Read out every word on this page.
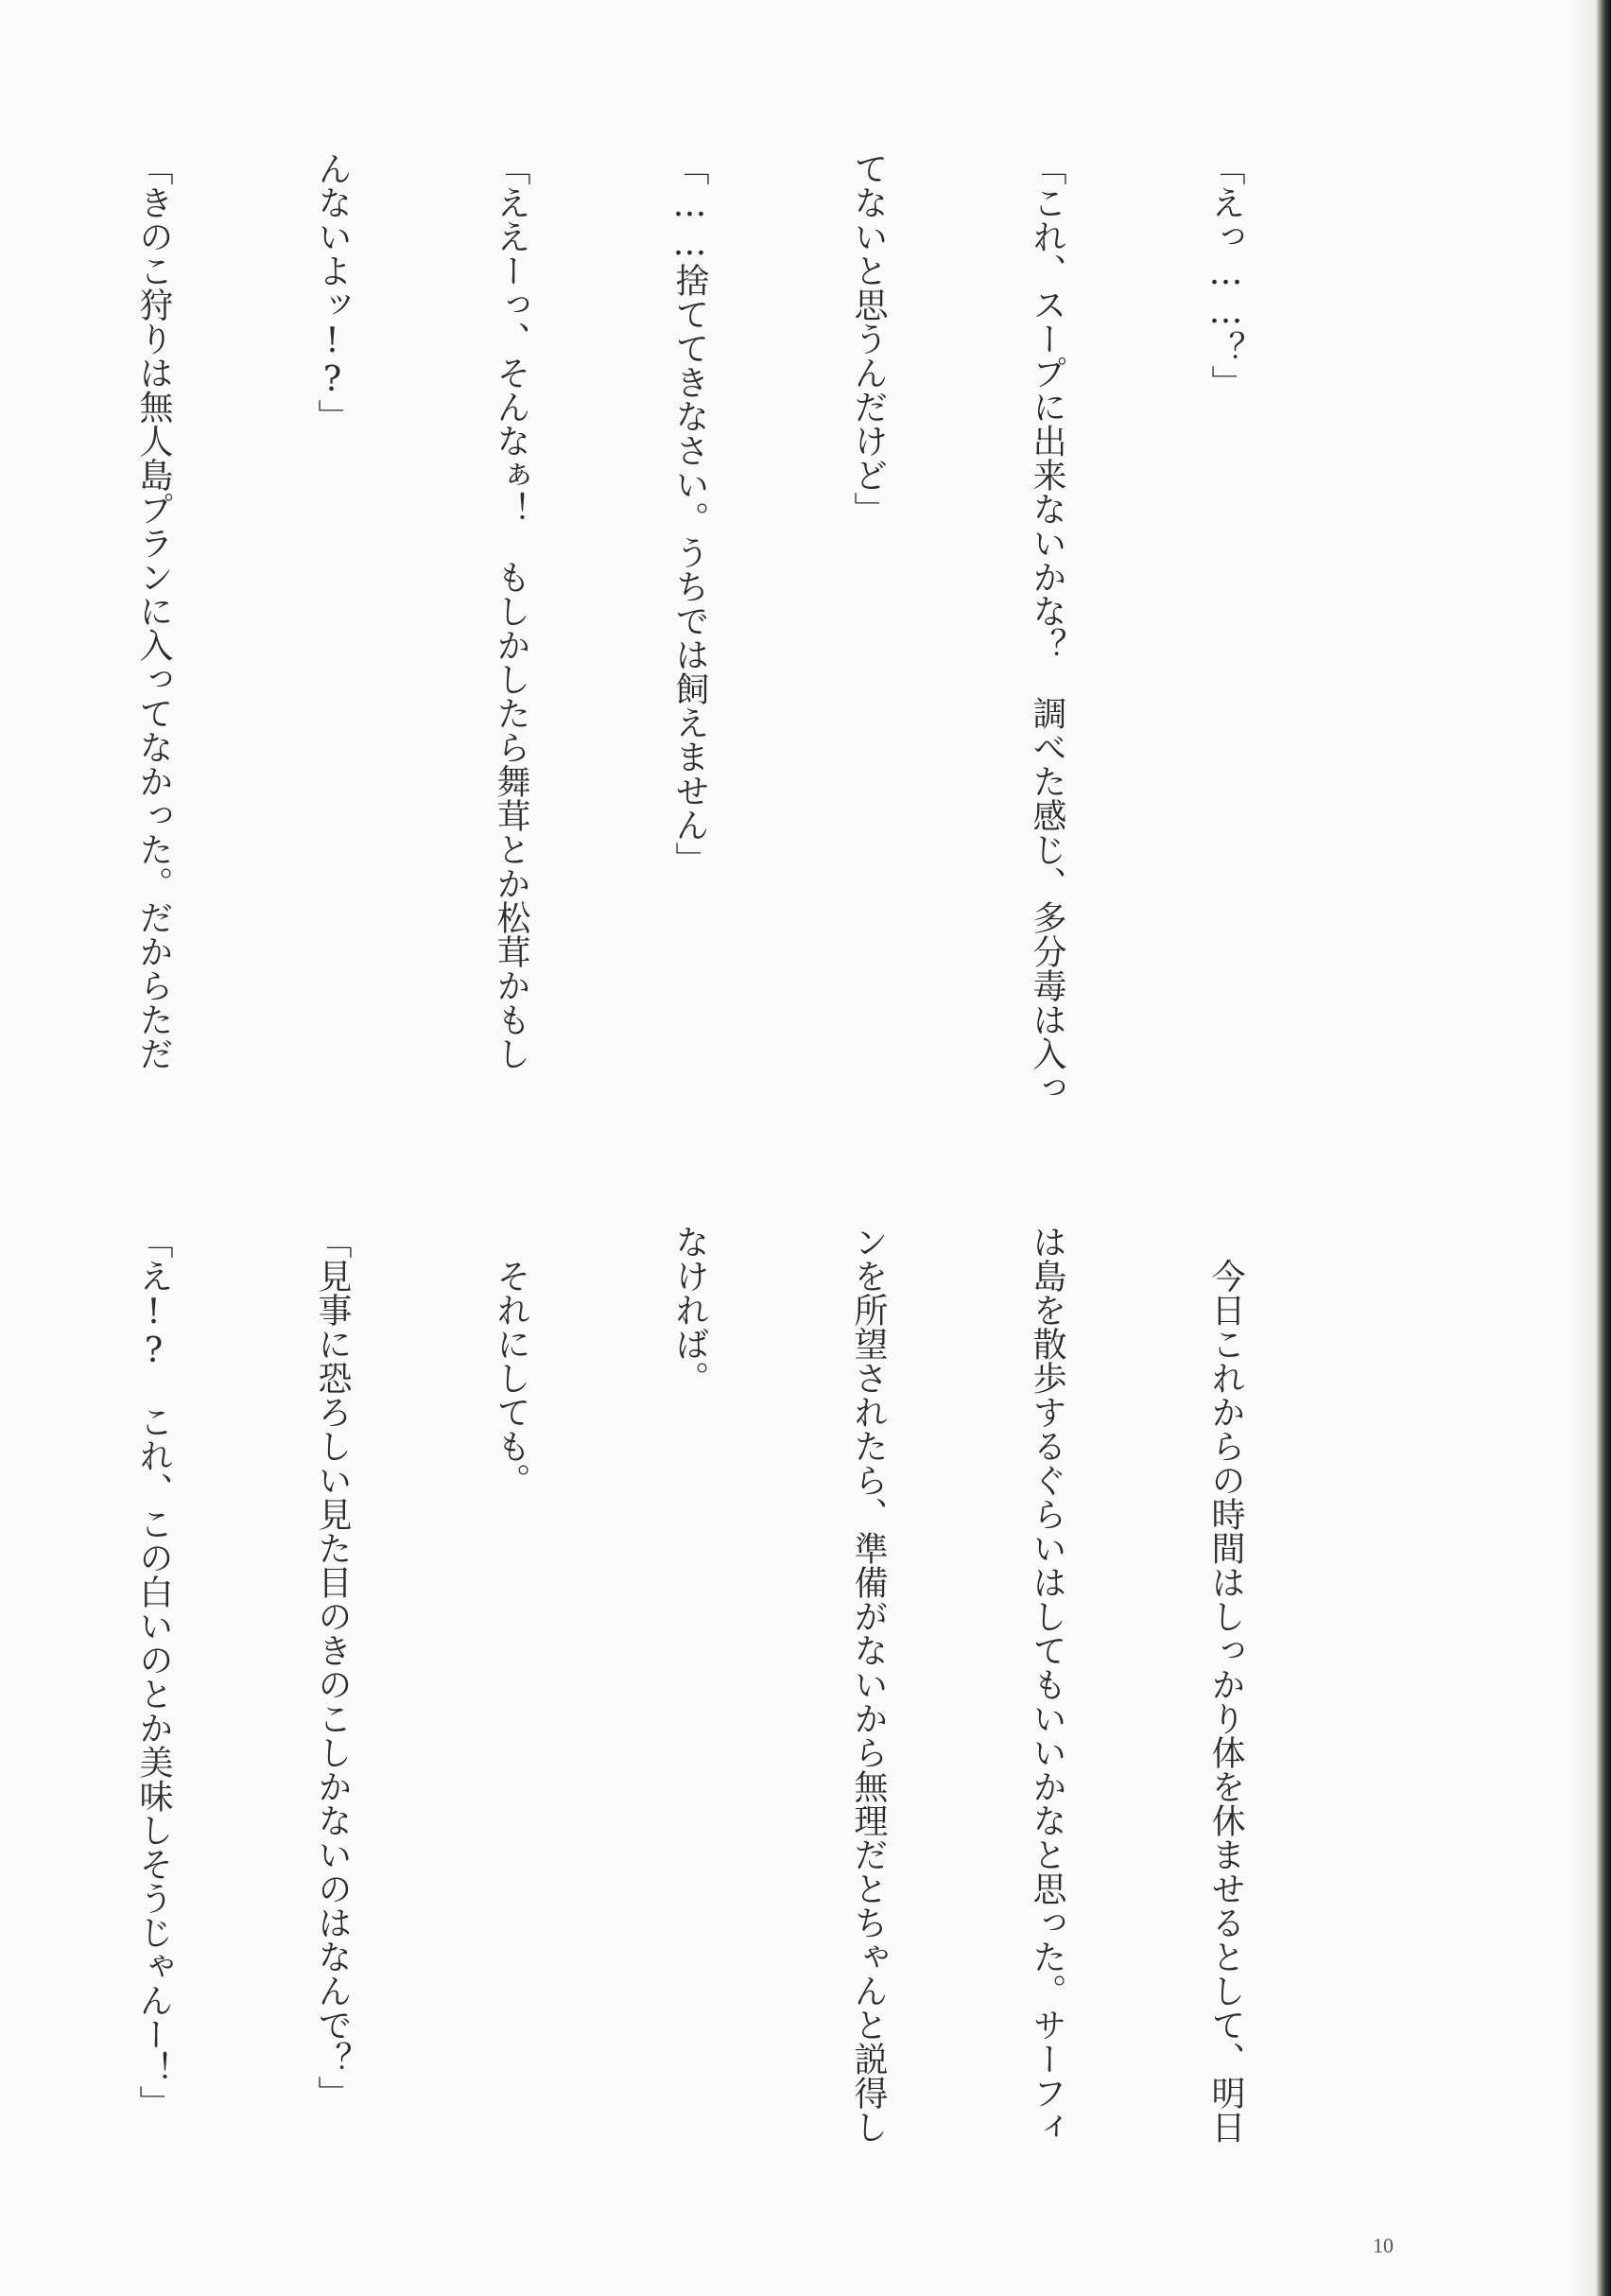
「えっ……？」

「これ、スープに出来ないかな？　調べた感じ、多分毒は入っ

てないと思うんだけど」

「……捨ててきなさい。うちでは飼えません」

「ええーっ、そんなぁ！　もしかしたら舞茸とか松茸かもし

んないよッ!?」

「きのこ狩りは無人島プランに入ってなかった。だからただ

　今日これからの時間はしっかり体を休ませるとして、明日

は島を散歩するぐらいはしてもいいかなと思った。サーフィ

ンを所望されたら、準備がないから無理だとちゃんと説得し

なければ。

　それにしても。

「見事に恐ろしい見た目のきのこしかないのはなんで？」

「え!?　これ、この白いのとか美味しそうじゃんー！」

10
